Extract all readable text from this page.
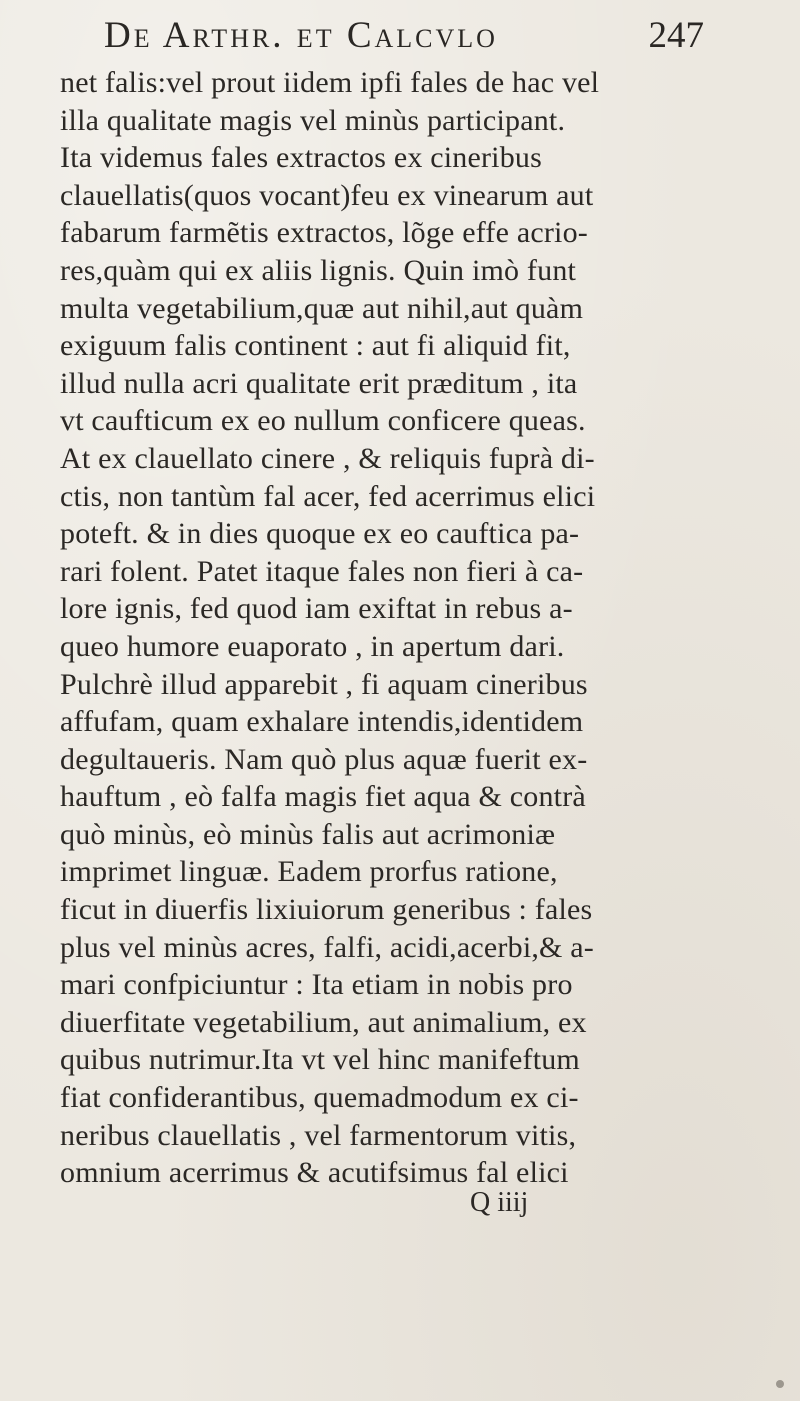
De Arthr. et Calcvlo	247
net falis:vel prout iidem ipfi fales de hac vel
illa qualitate magis vel minùs participant.
Ita videmus fales extractos ex cineribus
clauellatis(quos vocant)feu ex vinearum aut
fabarum farmẽtis extractos, lõge effe acrio-
res,quàm qui ex aliis lignis. Quin imò funt
multa vegetabilium,quæ aut nihil,aut quàm
exiguum falis continent : aut fi aliquid fit,
illud nulla acri qualitate erit præditum , ita
vt caufticum ex eo nullum conficere queas.
At ex clauellato cinere , & reliquis fuprà di-
ctis, non tantùm fal acer, fed acerrimus elici
poteft. & in dies quoque ex eo cauftica pa-
rari folent. Patet itaque fales non fieri à ca-
lore ignis, fed quod iam exiftat in rebus a-
queo humore euaporato , in apertum dari.
Pulchrè illud apparebit , fi aquam cineribus
affufam, quam exhalare intendis,identidem
degultaueris. Nam quò plus aquæ fuerit ex-
hauftum , eò falfa magis fiet aqua & contrà
quò minùs, eò minùs falis aut acrimoniæ
imprimet linguæ. Eadem prorfus ratione,
ficut in diuerfis lixiuiorum generibus : fales
plus vel minùs acres, falfi, acidi,acerbi,& a-
mari confpiciuntur : Ita etiam in nobis pro
diuerfitate vegetabilium, aut animalium, ex
quibus nutrimur.Ita vt vel hinc manifeftum
fiat confiderantibus, quemadmodum ex ci-
neribus clauellatis , vel farmentorum vitis,
omnium acerrimus & acutifsimus fal elici
Q iiij
